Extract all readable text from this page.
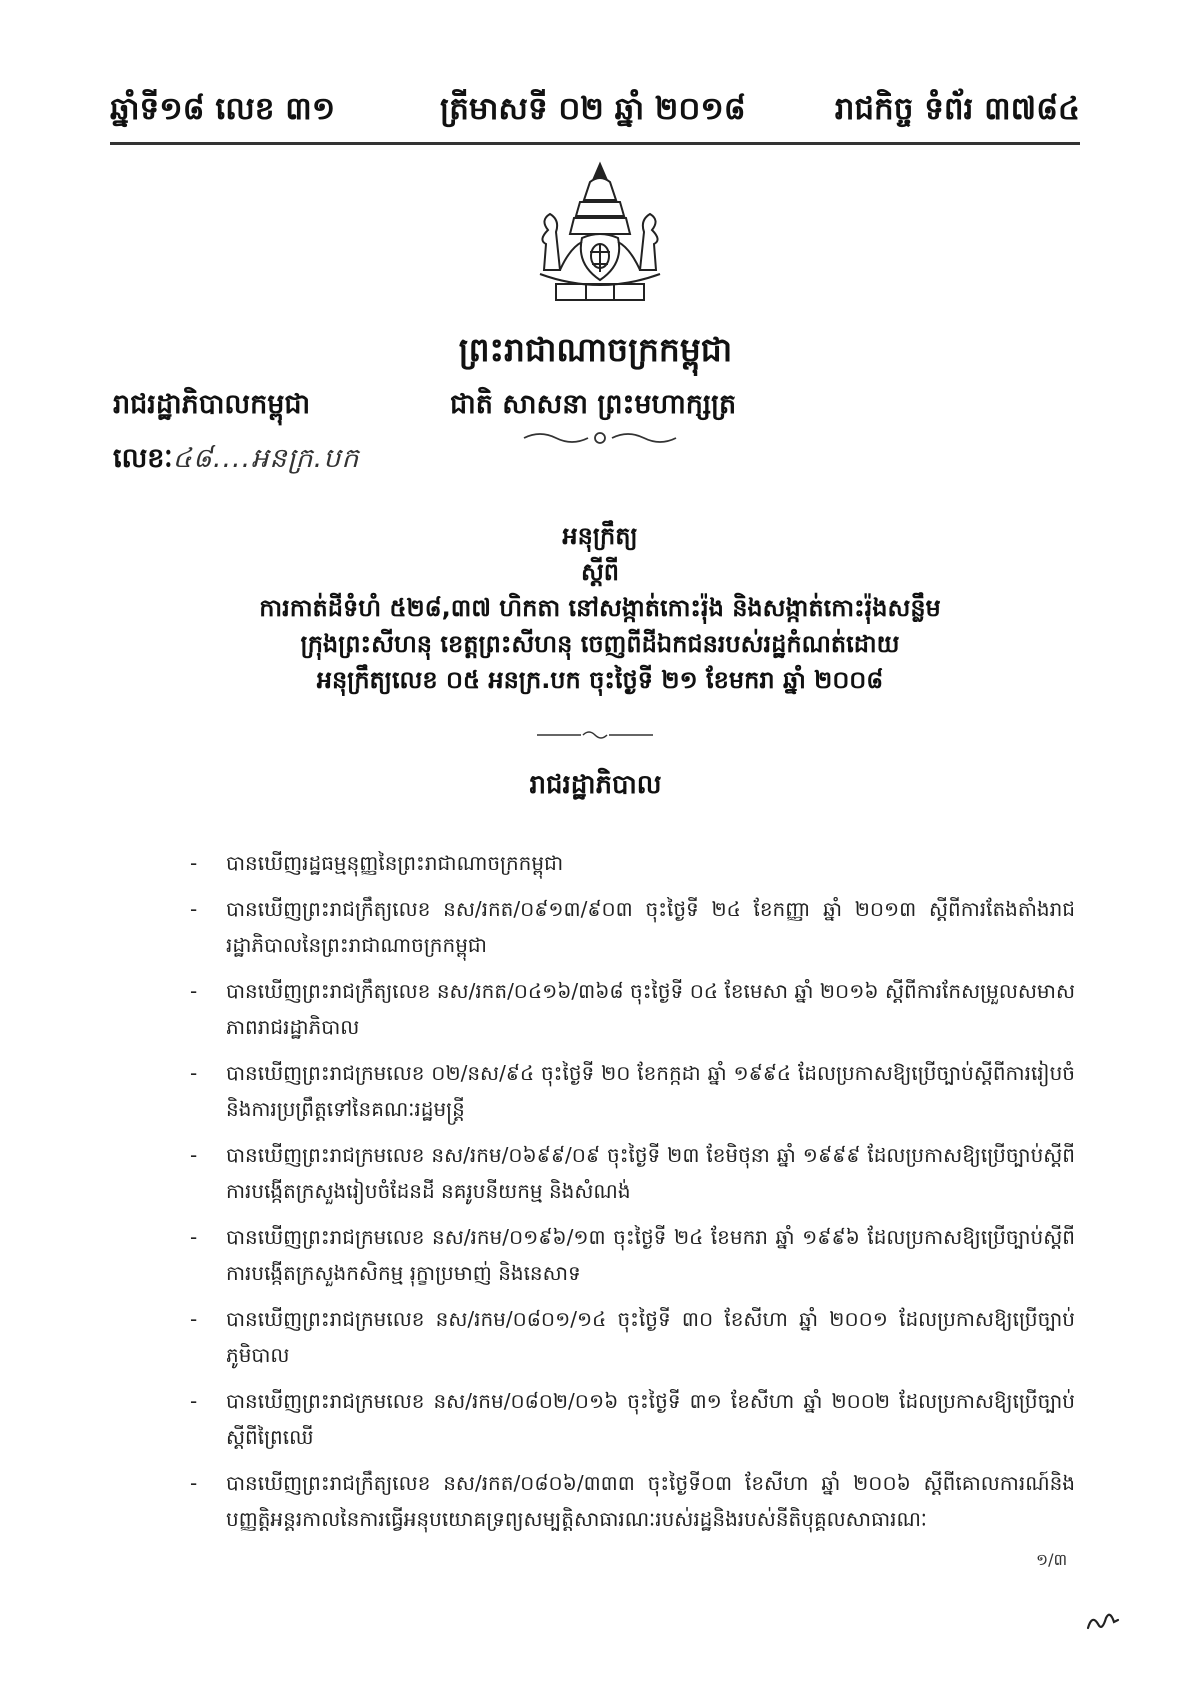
ឆ្នាំទី១៨ លេខ ៣១	ត្រីមាសទី ០២ ឆ្នាំ ២០១៨	រាជកិច្ច ទំព័រ ៣៧៨៤
ព្រះរាជាណាចក្រកម្ពុជា
រាជរដ្ឋាភិបាលកម្ពុជា	ជាតិ សាសនា ព្រះមហាក្សត្រ
លេខៈ៤៨....អនក្រ.បក
អនុក្រឹត្យ
ស្តីពី
ការកាត់ដីទំហំ ៥២៨,៣៧ ហិកតា នៅសង្កាត់កោះរ៉ុង និងសង្កាត់កោះរ៉ុងសន្លឹម
ក្រុងព្រះសីហនុ ខេត្តព្រះសីហនុ ចេញពីដីឯកជនរបស់រដ្ឋកំណត់ដោយ
អនុក្រឹត្យលេខ ០៥ អនក្រ.បក ចុះថ្ងៃទី ២១ ខែមករា ឆ្នាំ ២០០៨
រាជរដ្ឋាភិបាល
- បានឃើញរដ្ឋធម្មនុញ្ញនៃព្រះរាជាណាចក្រកម្ពុជា
- បានឃើញព្រះរាជក្រឹត្យលេខ នស/រកត/០៩១៣/៩០៣ ចុះថ្ងៃទី ២៤ ខែកញ្ញា ឆ្នាំ ២០១៣ ស្តីពីការតែងតាំងរាជរដ្ឋាភិបាលនៃព្រះរាជាណាចក្រកម្ពុជា
- បានឃើញព្រះរាជក្រឹត្យលេខ នស/រកត/០៤១៦/៣៦៨ ចុះថ្ងៃទី ០៤ ខែមេសា ឆ្នាំ ២០១៦ ស្តីពីការកែសម្រួលសមាសភាពរាជរដ្ឋាភិបាល
- បានឃើញព្រះរាជក្រមលេខ ០២/នស/៩៤ ចុះថ្ងៃទី ២០ ខែកក្កដា ឆ្នាំ ១៩៩៤ ដែលប្រកាសឱ្យប្រើច្បាប់ស្តីពីការរៀបចំនិងការប្រព្រឹត្តទៅនៃគណៈរដ្ឋមន្ត្រី
- បានឃើញព្រះរាជក្រមលេខ នស/រកម/០៦៩៩/០៩ ចុះថ្ងៃទី ២៣ ខែមិថុនា ឆ្នាំ ១៩៩៩ ដែលប្រកាសឱ្យប្រើច្បាប់ស្តីពីការបង្កើតក្រសួងរៀបចំដែនដី នគរូបនីយកម្ម និងសំណង់
- បានឃើញព្រះរាជក្រមលេខ នស/រកម/០១៩៦/១៣ ចុះថ្ងៃទី ២៤ ខែមករា ឆ្នាំ ១៩៩៦ ដែលប្រកាសឱ្យប្រើច្បាប់ស្តីពីការបង្កើតក្រសួងកសិកម្ម រុក្ខាប្រមាញ់ និងនេសាទ
- បានឃើញព្រះរាជក្រមលេខ នស/រកម/០៨០១/១៤ ចុះថ្ងៃទី ៣០ ខែសីហា ឆ្នាំ ២០០១ ដែលប្រកាសឱ្យប្រើច្បាប់ភូមិបាល
- បានឃើញព្រះរាជក្រមលេខ នស/រកម/០៨០២/០១៦ ចុះថ្ងៃទី ៣១ ខែសីហា ឆ្នាំ ២០០២ ដែលប្រកាសឱ្យប្រើច្បាប់ស្តីពីព្រៃឈើ
- បានឃើញព្រះរាជក្រឹត្យលេខ នស/រកត/០៨០៦/៣៣៣ ចុះថ្ងៃទី០៣ ខែសីហា ឆ្នាំ ២០០៦ ស្តីពីគោលការណ៍និងបញ្ញត្តិអន្តរកាលនៃការធ្វើអនុបយោគទ្រព្យសម្បត្តិសាធារណៈរបស់រដ្ឋនិងរបស់នីតិបុគ្គលសាធារណៈ
១/៣
